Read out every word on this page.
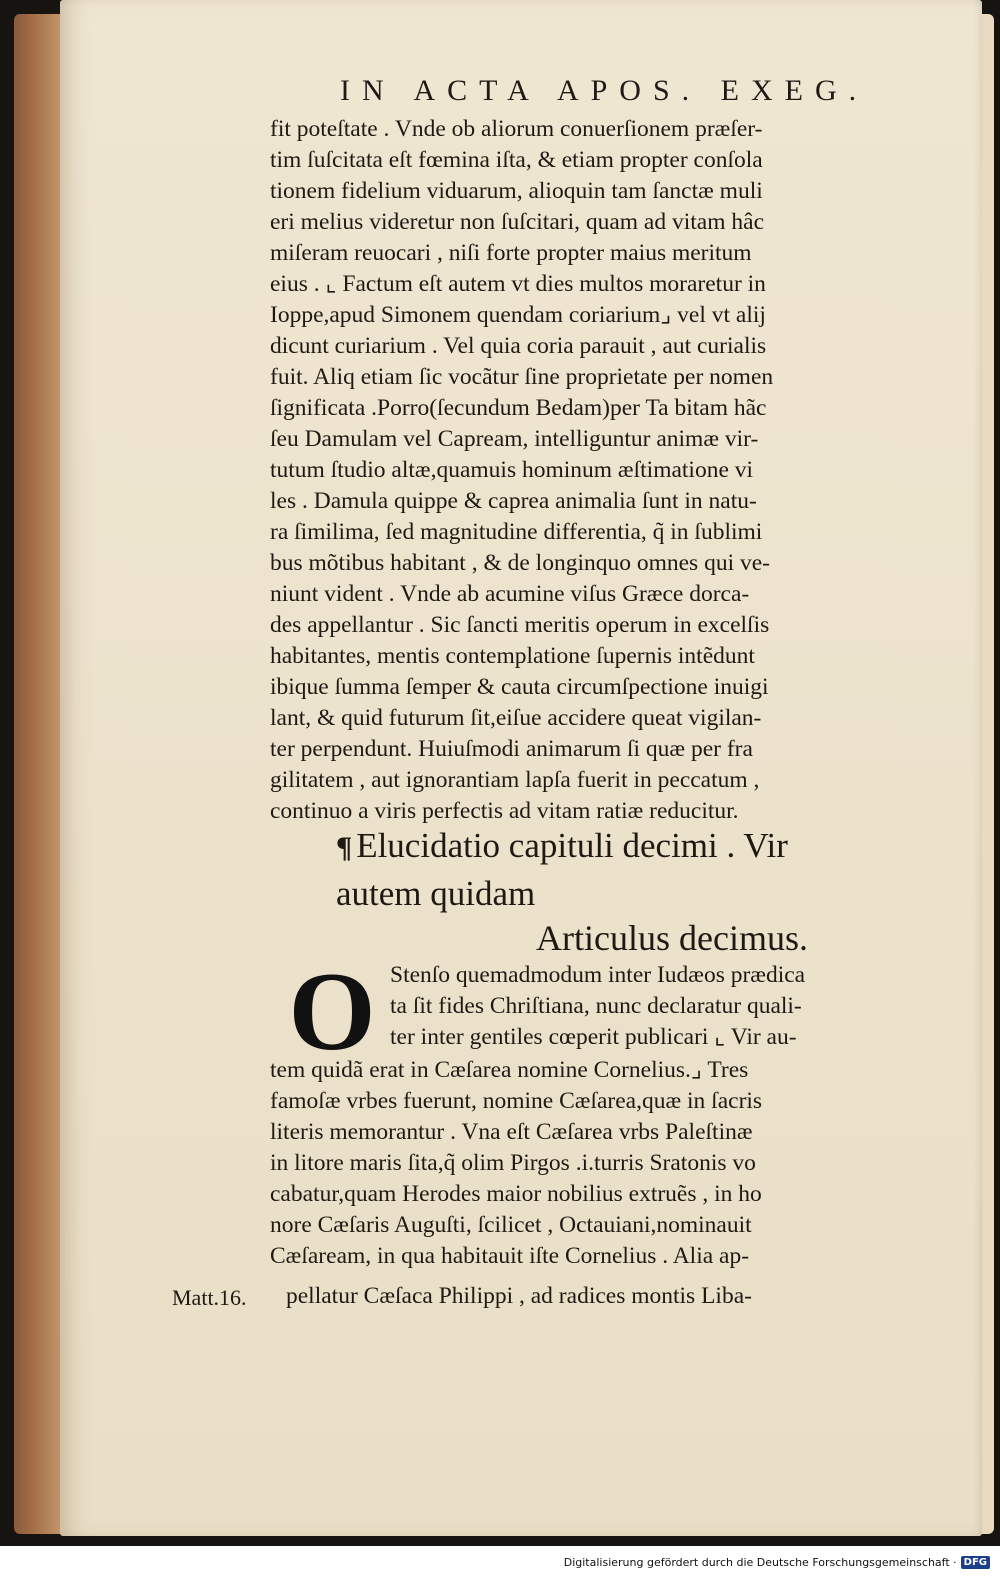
IN ACTA APOS. EXEG.
fit poteſtate . Vnde ob aliorum conuerſionem præſer-
tim ſuſcitata eſt fœmina iſta, & etiam propter conſola
tionem fidelium viduarum, alioquin tam ſanctæ muli
eri melius videretur non ſuſcitari, quam ad vitam hâc
miſeram reuocari , niſi forte propter maius meritum
eius . ⌞ Factum eſt autem vt dies multos moraretur in
Ioppe,apud Simonem quendam coriarium⌟ vel vt alij
dicunt curiarium . Vel quia coria parauit , aut curialis
fuit. Aliq etiam ſic vocãtur ſine proprietate per nomen
ſignificata .Porro(ſecundum Bedam)per Ta bitam hãc
ſeu Damulam vel Capream, intelliguntur animæ vir-
tutum ſtudio altæ,quamuis hominum æſtimatione vi
les . Damula quippe & caprea animalia ſunt in natu-
ra ſimilima, ſed magnitudine differentia, q̃ in ſublimi
bus mõtibus habitant , & de longinquo omnes qui ve-
niunt vident . Vnde ab acumine viſus Græce dorca-
des appellantur . Sic ſancti meritis operum in excelſis
habitantes, mentis contemplatione ſupernis intẽdunt
ibique ſumma ſemper & cauta circumſpectione inuigi
lant, & quid futurum ſit,eiſue accidere queat vigilan-
ter perpendunt. Huiuſmodi animarum ſi quæ per fra
gilitatem , aut ignorantiam lapſa fuerit in peccatum ,
continuo a viris perfectis ad vitam ratiæ reducitur.
¶ Elucidatio capituli decimi . Vir
autem quidam
Articulus decimus.
O Stenſo quemadmodum inter Iudæos prædica
ta ſit fides Chriſtiana, nunc declaratur quali-
ter inter gentiles cœperit publicari ⌞ Vir au-
tem quidã erat in Cæſarea nomine Cornelius.⌟ Tres
famoſæ vrbes fuerunt, nomine Cæſarea,quæ in ſacris
literis memorantur . Vna eſt Cæſarea vrbs Paleſtinæ
in litore maris ſita,q̃ olim Pirgos .i.turris Sratonis vo
cabatur,quam Herodes maior nobilius extruẽs , in ho
nore Cæſaris Auguſti, ſcilicet , Octauiani,nominauit
Cæſaream, in qua habitauit iſte Cornelius . Alia ap-
Matt.16. pellatur Cæſaca Philippi , ad radices montis Liba-
Digitalisierung gefördert durch die Deutsche Forschungsgemeinschaft · DFG
